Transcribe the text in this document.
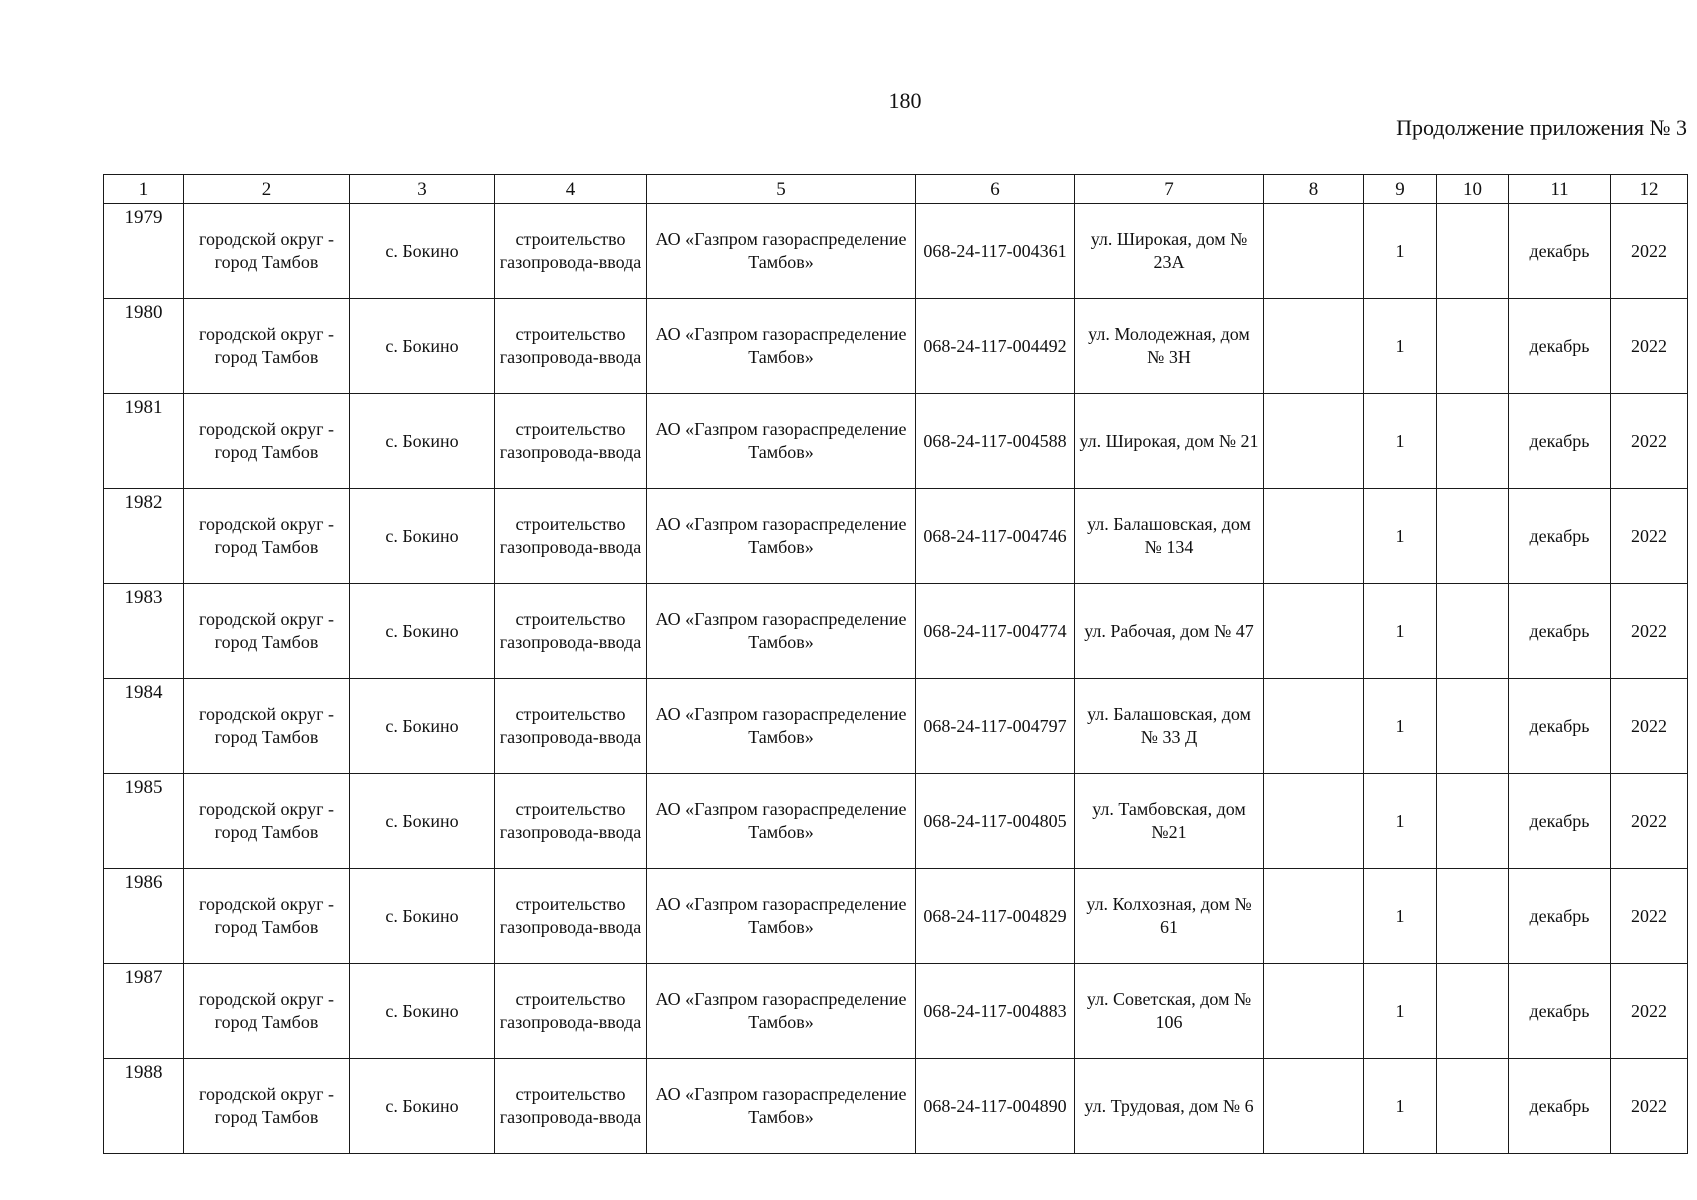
180
Продолжение приложения № 3
1	2	3	4	5	6	7	8	9	10	11	12
1979	городской округ - город Тамбов	с. Бокино	строительство газопровода-ввода	АО «Газпром газораспределение Тамбов»	068-24-117-004361	ул. Широкая, дом № 23А		1		декабрь	2022
1980	городской округ - город Тамбов	с. Бокино	строительство газопровода-ввода	АО «Газпром газораспределение Тамбов»	068-24-117-004492	ул. Молодежная, дом № 3Н		1		декабрь	2022
1981	городской округ - город Тамбов	с. Бокино	строительство газопровода-ввода	АО «Газпром газораспределение Тамбов»	068-24-117-004588	ул. Широкая, дом № 21		1		декабрь	2022
1982	городской округ - город Тамбов	с. Бокино	строительство газопровода-ввода	АО «Газпром газораспределение Тамбов»	068-24-117-004746	ул. Балашовская, дом № 134		1		декабрь	2022
1983	городской округ - город Тамбов	с. Бокино	строительство газопровода-ввода	АО «Газпром газораспределение Тамбов»	068-24-117-004774	ул. Рабочая, дом № 47		1		декабрь	2022
1984	городской округ - город Тамбов	с. Бокино	строительство газопровода-ввода	АО «Газпром газораспределение Тамбов»	068-24-117-004797	ул. Балашовская, дом № 33 Д		1		декабрь	2022
1985	городской округ - город Тамбов	с. Бокино	строительство газопровода-ввода	АО «Газпром газораспределение Тамбов»	068-24-117-004805	ул. Тамбовская, дом №21		1		декабрь	2022
1986	городской округ - город Тамбов	с. Бокино	строительство газопровода-ввода	АО «Газпром газораспределение Тамбов»	068-24-117-004829	ул. Колхозная, дом № 61		1		декабрь	2022
1987	городской округ - город Тамбов	с. Бокино	строительство газопровода-ввода	АО «Газпром газораспределение Тамбов»	068-24-117-004883	ул. Советская, дом № 106		1		декабрь	2022
1988	городской округ - город Тамбов	с. Бокино	строительство газопровода-ввода	АО «Газпром газораспределение Тамбов»	068-24-117-004890	ул. Трудовая, дом № 6		1		декабрь	2022
